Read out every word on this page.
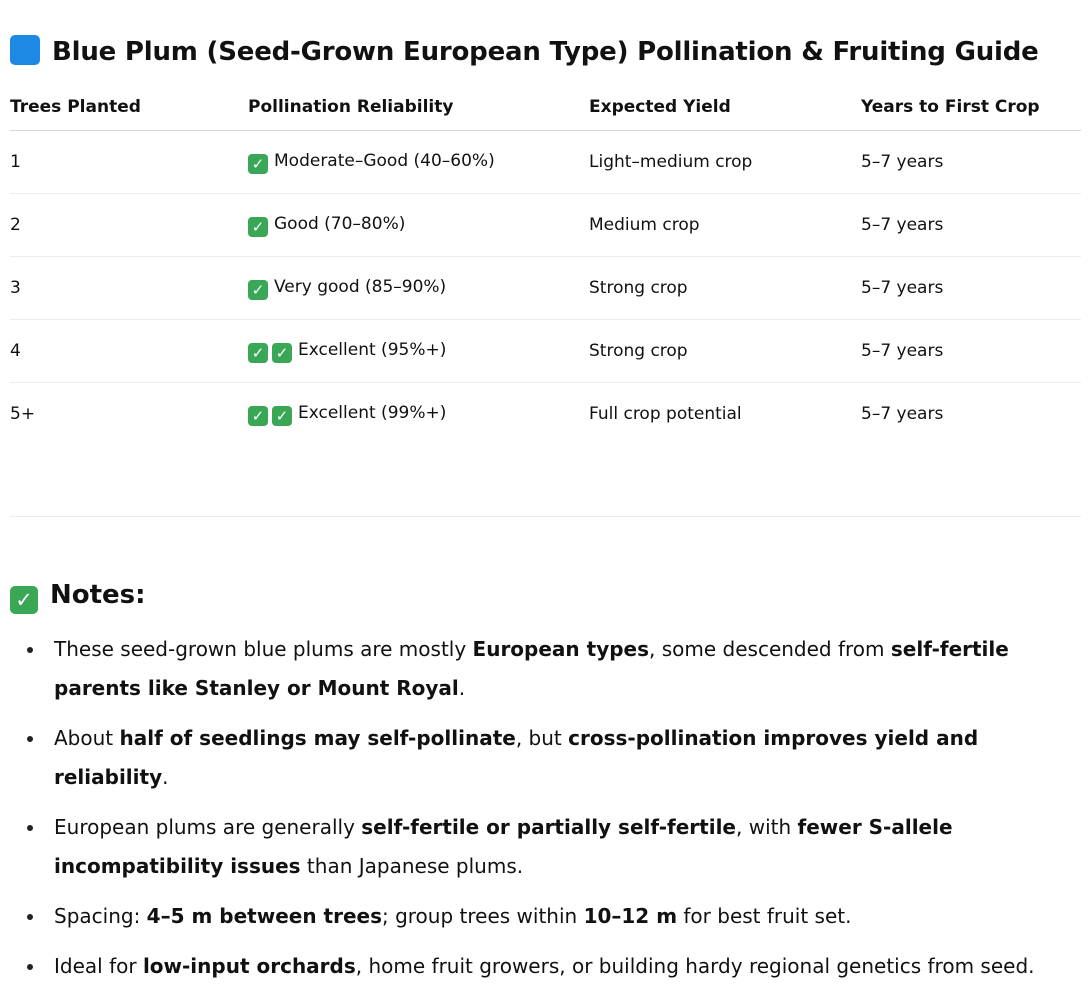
Blue Plum (Seed-Grown European Type) Pollination & Fruiting Guide
Trees Planted	Pollination Reliability	Expected Yield	Years to First Crop
1	✓ Moderate–Good (40–60%)	Light–medium crop	5–7 years
2	✓ Good (70–80%)	Medium crop	5–7 years
3	✓ Very good (85–90%)	Strong crop	5–7 years
4	✓ ✓ Excellent (95%+)	Strong crop	5–7 years
5+	✓ ✓ Excellent (99%+)	Full crop potential	5–7 years
✓ Notes:
These seed-grown blue plums are mostly European types, some descended from self-fertile parents like Stanley or Mount Royal.
About half of seedlings may self-pollinate, but cross-pollination improves yield and reliability.
European plums are generally self-fertile or partially self-fertile, with fewer S-allele incompatibility issues than Japanese plums.
Spacing: 4–5 m between trees; group trees within 10–12 m for best fruit set.
Ideal for low-input orchards, home fruit growers, or building hardy regional genetics from seed.
